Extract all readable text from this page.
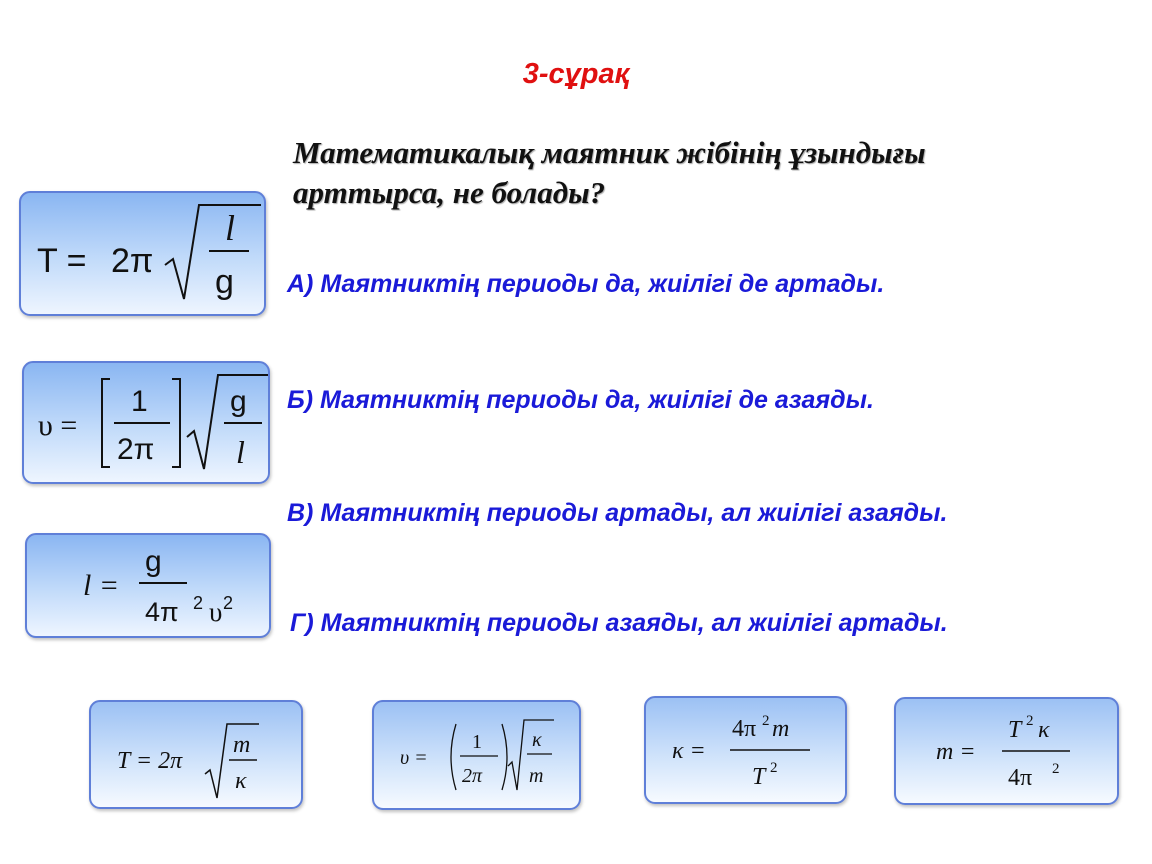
3-сұрақ
Математикалық маятник жібінің ұзындығы
арттырса, не болады?
А) Маятниктің периоды да, жиілігі де артады.
Б) Маятниктің периоды да, жиілігі де азаяды.
В) Маятниктің периоды артады, ал жиілігі азаяды.
Г) Маятниктің периоды азаяды, ал жиілігі артады.
T = 2π
l
g
υ =
1
2π
g
l
l =
g
4π 2 υ 2
T = 2π
m
κ
υ =
1
2π
κ
m
κ =
4π 2 m
T 2
m =
T 2 κ
4π 2
